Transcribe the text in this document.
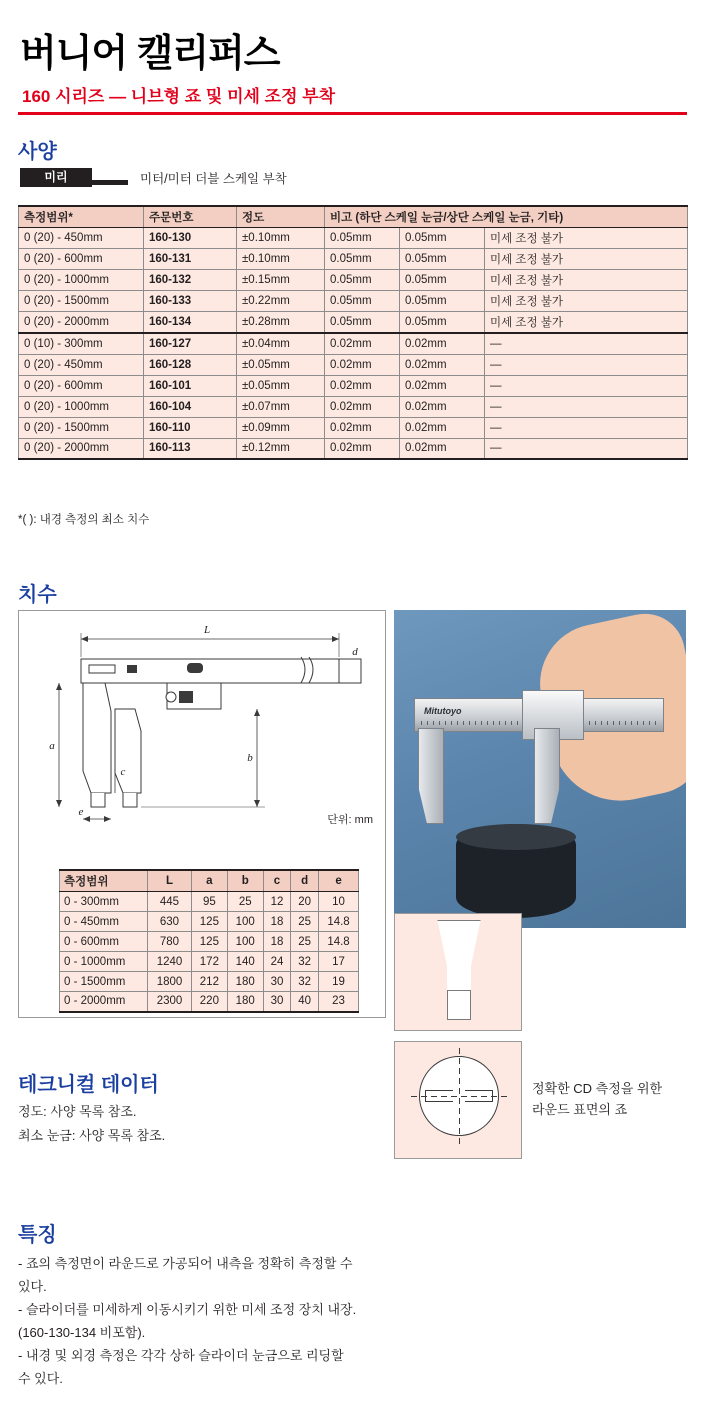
버니어 캘리퍼스
160 시리즈 — 니브형 죠 및 미세 조정 부착
사양
미리	미터/미터 더블 스케일 부착
측정범위*	주문번호	정도	비고 (하단 스케일 눈금/상단 스케일 눈금, 기타)		
0 (20) - 450mm	160-130	±0.10mm	0.05mm	0.05mm	미세 조정 불가
0 (20) - 600mm	160-131	±0.10mm	0.05mm	0.05mm	미세 조정 불가
0 (20) - 1000mm	160-132	±0.15mm	0.05mm	0.05mm	미세 조정 불가
0 (20) - 1500mm	160-133	±0.22mm	0.05mm	0.05mm	미세 조정 불가
0 (20) - 2000mm	160-134	±0.28mm	0.05mm	0.05mm	미세 조정 불가
0 (10) - 300mm	160-127	±0.04mm	0.02mm	0.02mm	—
0 (20) - 450mm	160-128	±0.05mm	0.02mm	0.02mm	—
0 (20) - 600mm	160-101	±0.05mm	0.02mm	0.02mm	—
0 (20) - 1000mm	160-104	±0.07mm	0.02mm	0.02mm	—
0 (20) - 1500mm	160-110	±0.09mm	0.02mm	0.02mm	—
0 (20) - 2000mm	160-113	±0.12mm	0.02mm	0.02mm	—
*( ): 내경 측정의 최소 치수
치수
L
a
b
c
d
e
단위: mm
측정범위	L	a	b	c	d	e
0 - 300mm	445	95	25	12	20	10
0 - 450mm	630	125	100	18	25	14.8
0 - 600mm	780	125	100	18	25	14.8
0 - 1000mm	1240	172	140	24	32	17
0 - 1500mm	1800	212	180	30	32	19
0 - 2000mm	2300	220	180	30	40	23
Mitutoyo
정확한 CD 측정을 위한
라운드 표면의 죠
테크니컬 데이터
정도: 사양 목록 참조.
최소 눈금: 사양 목록 참조.
특징
- 죠의 측정면이 라운드로 가공되어 내측을 정확히 측정할 수
있다.
- 슬라이더를 미세하게 이동시키기 위한 미세 조정 장치 내장.
(160-130-134 비포함).
- 내경 및 외경 측정은 각각 상하 슬라이더 눈금으로 리딩할
수 있다.
